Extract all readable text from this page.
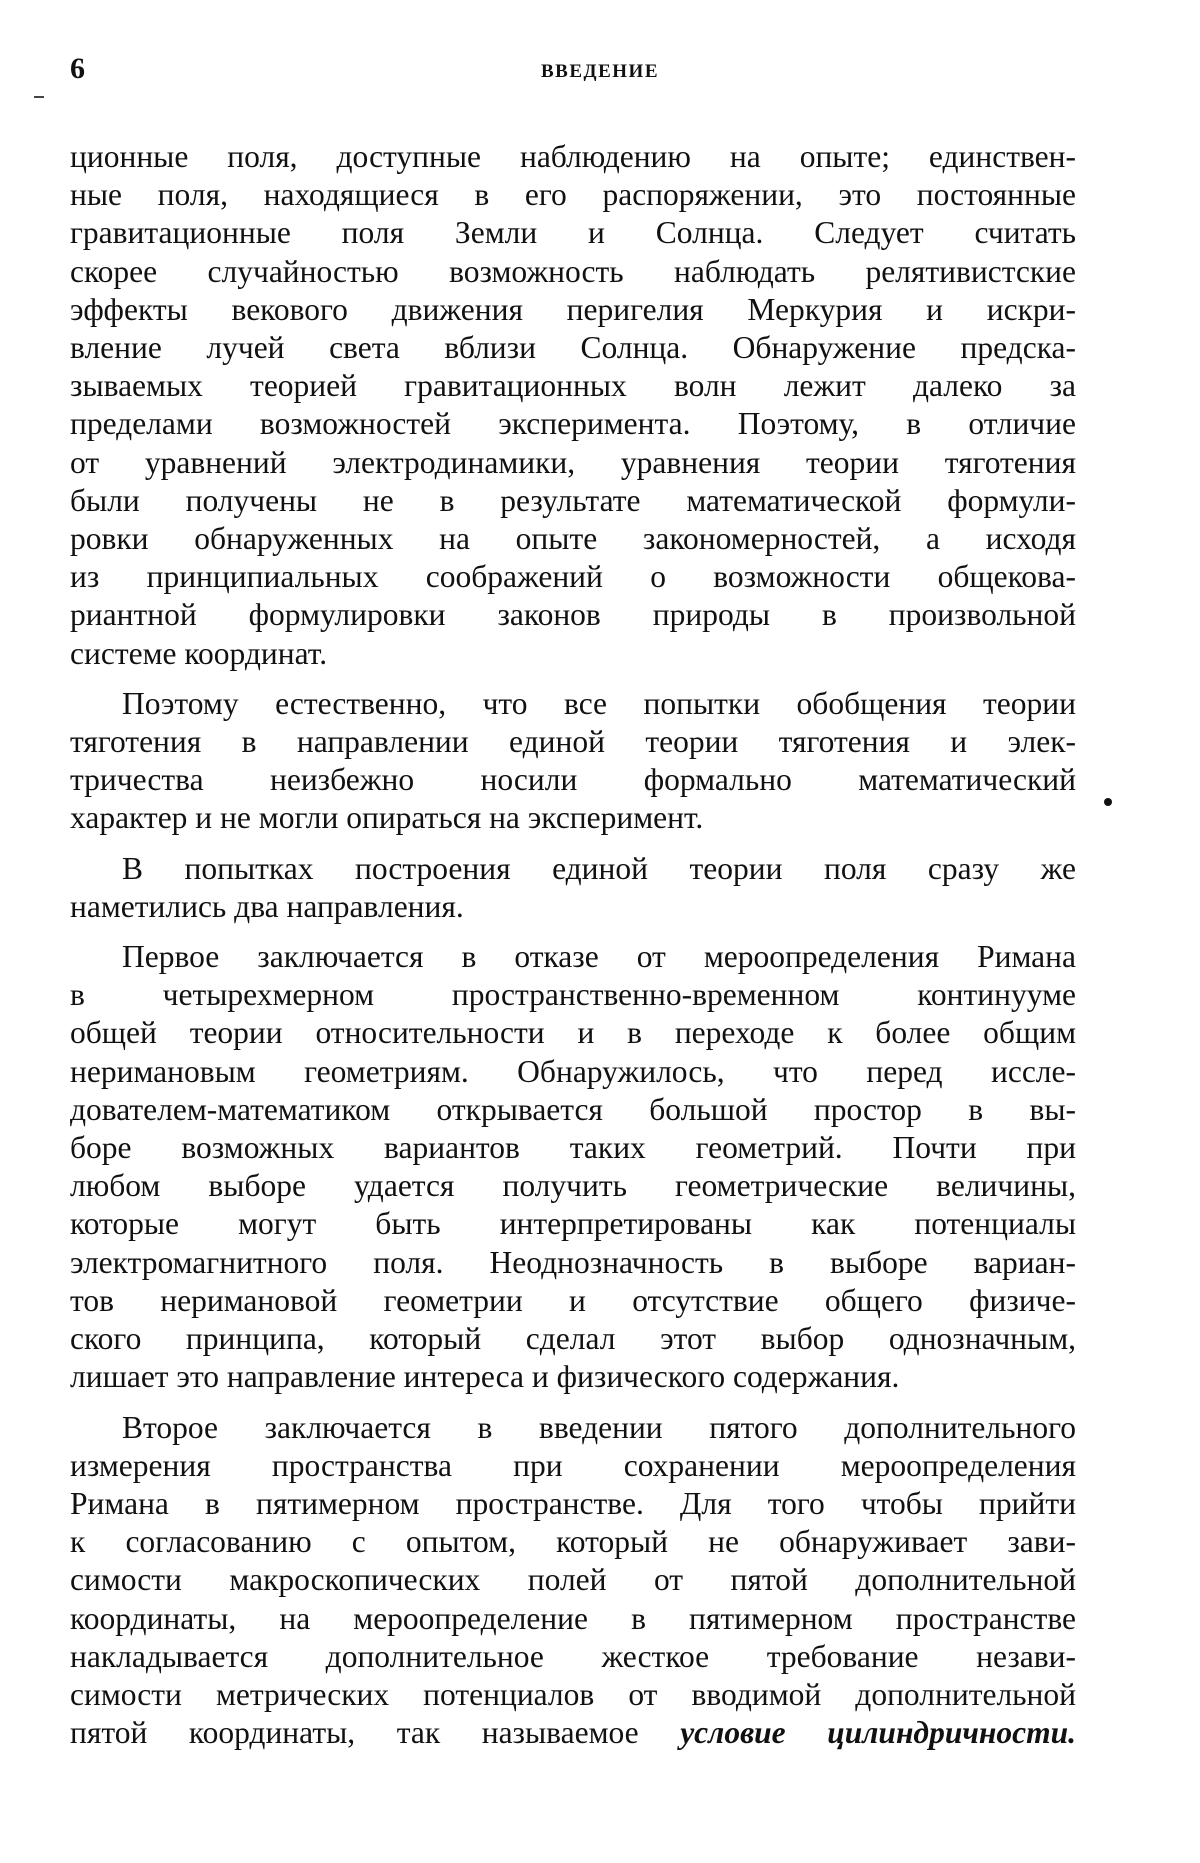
6	ВВЕДЕНИЕ
ционные поля, доступные наблюдению на опыте; единствен-
ные поля, находящиеся в его распоряжении, это постоянные
гравитационные поля Земли и Солнца. Следует считать
скорее случайностью возможность наблюдать релятивистские
эффекты векового движения перигелия Меркурия и искри-
вление лучей света вблизи Солнца. Обнаружение предска-
зываемых теорией гравитационных волн лежит далеко за
пределами возможностей эксперимента. Поэтому, в отличие
от уравнений электродинамики, уравнения теории тяготения
были получены не в результате математической формули-
ровки обнаруженных на опыте закономерностей, а исходя
из принципиальных соображений о возможности общекова-
риантной формулировки законов природы в произвольной
системе координат.
Поэтому естественно, что все попытки обобщения теории
тяготения в направлении единой теории тяготения и элек-
тричества неизбежно носили формально математический
характер и не могли опираться на эксперимент.
В попытках построения единой теории поля сразу же
наметились два направления.
Первое заключается в отказе от мероопределения Римана
в четырехмерном пространственно-временном континууме
общей теории относительности и в переходе к более общим
неримановым геометриям. Обнаружилось, что перед иссле-
дователем-математиком открывается большой простор в вы-
боре возможных вариантов таких геометрий. Почти при
любом выборе удается получить геометрические величины,
которые могут быть интерпретированы как потенциалы
электромагнитного поля. Неоднозначность в выборе вариан-
тов неримановой геометрии и отсутствие общего физиче-
ского принципа, который сделал этот выбор однозначным,
лишает это направление интереса и физического содержания.
Второе заключается в введении пятого дополнительного
измерения пространства при сохранении мероопределения
Римана в пятимерном пространстве. Для того чтобы прийти
к согласованию с опытом, который не обнаруживает зави-
симости макроскопических полей от пятой дополнительной
координаты, на мероопределение в пятимерном пространстве
накладывается дополнительное жесткое требование незави-
симости метрических потенциалов от вводимой дополнительной
пятой координаты, так называемое условие цилиндричности.
